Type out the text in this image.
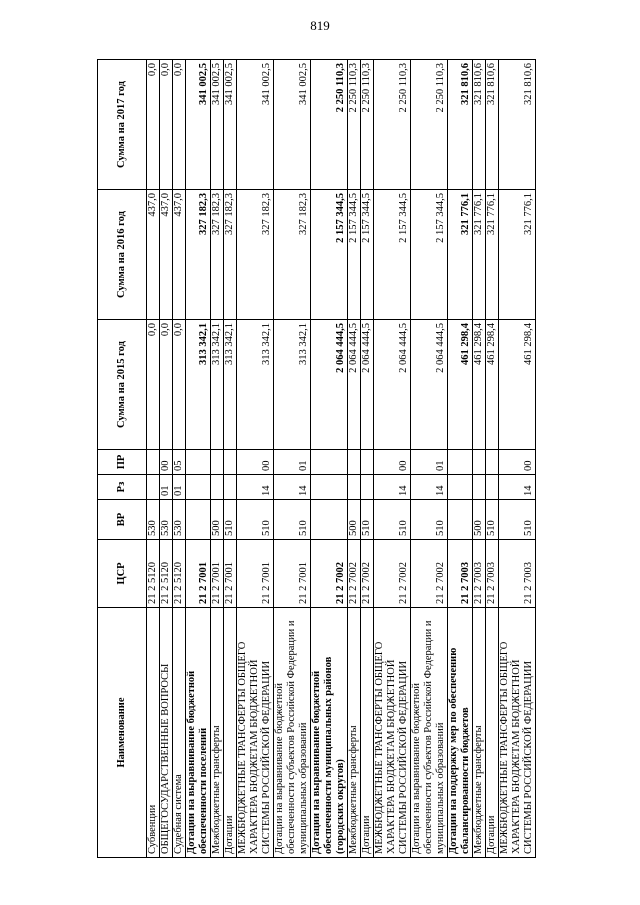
819
Наименование	ЦСР	ВР	Рз	ПР	Сумма на 2015 год	Сумма на 2016 год	Сумма на 2017 год
Субвенции	21 2 5120	530			0,0	437,0	0,0
ОБЩЕГОСУДАРСТВЕННЫЕ ВОПРОСЫ	21 2 5120	530	01	00	0,0	437,0	0,0
Судебная система	21 2 5120	530	01	05	0,0	437,0	0,0
Дотации на выравнивание бюджетной обеспеченности поселений	21 2 7001				313 342,1	327 182,3	341 002,5
Межбюджетные трансферты	21 2 7001	500			313 342,1	327 182,3	341 002,5
Дотации	21 2 7001	510			313 342,1	327 182,3	341 002,5
МЕЖБЮДЖЕТНЫЕ ТРАНСФЕРТЫ ОБЩЕГО ХАРАКТЕРА БЮДЖЕТАМ БЮДЖЕТНОЙ СИСТЕМЫ РОССИЙСКОЙ ФЕДЕРАЦИИ	21 2 7001	510	14	00	313 342,1	327 182,3	341 002,5
Дотации на выравнивание бюджетной обеспеченности субъектов Российской Федерации и муниципальных образований	21 2 7001	510	14	01	313 342,1	327 182,3	341 002,5
Дотации на выравнивание бюджетной обеспеченности муниципальных районов (городских округов)	21 2 7002				2 064 444,5	2 157 344,5	2 250 110,3
Межбюджетные трансферты	21 2 7002	500			2 064 444,5	2 157 344,5	2 250 110,3
Дотации	21 2 7002	510			2 064 444,5	2 157 344,5	2 250 110,3
МЕЖБЮДЖЕТНЫЕ ТРАНСФЕРТЫ ОБЩЕГО ХАРАКТЕРА БЮДЖЕТАМ БЮДЖЕТНОЙ СИСТЕМЫ РОССИЙСКОЙ ФЕДЕРАЦИИ	21 2 7002	510	14	00	2 064 444,5	2 157 344,5	2 250 110,3
Дотации на выравнивание бюджетной обеспеченности субъектов Российской Федерации и муниципальных образований	21 2 7002	510	14	01	2 064 444,5	2 157 344,5	2 250 110,3
Дотации на поддержку мер по обеспечению сбалансированности бюджетов	21 2 7003				461 298,4	321 776,1	321 810,6
Межбюджетные трансферты	21 2 7003	500			461 298,4	321 776,1	321 810,6
Дотации	21 2 7003	510			461 298,4	321 776,1	321 810,6
МЕЖБЮДЖЕТНЫЕ ТРАНСФЕРТЫ ОБЩЕГО ХАРАКТЕРА БЮДЖЕТАМ БЮДЖЕТНОЙ СИСТЕМЫ РОССИЙСКОЙ ФЕДЕРАЦИИ	21 2 7003	510	14	00	461 298,4	321 776,1	321 810,6
